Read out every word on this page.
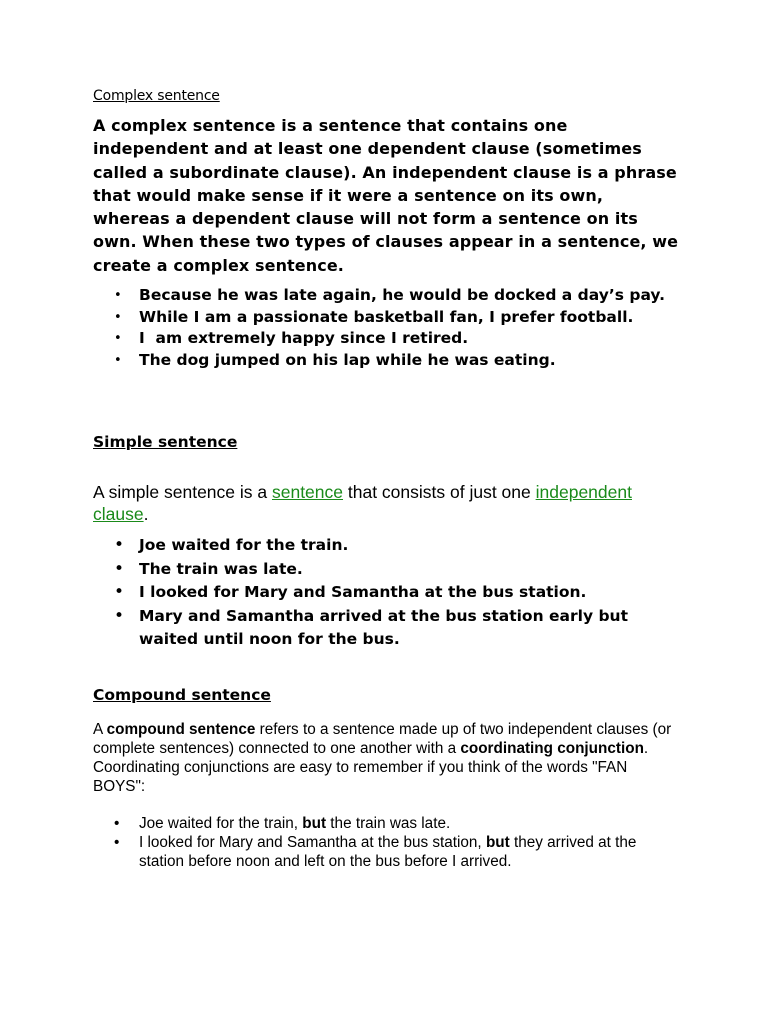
Complex sentence

A complex sentence is a sentence that contains one independent and at least one dependent clause (sometimes called a subordinate clause). An independent clause is a phrase that would make sense if it were a sentence on its own, whereas a dependent clause will not form a sentence on its own. When these two types of clauses appear in a sentence, we create a complex sentence.

• Because he was late again, he would be docked a day’s pay.
• While I am a passionate basketball fan, I prefer football.
• I  am extremely happy since I retired.
• The dog jumped on his lap while he was eating.
Simple sentence

A simple sentence is a sentence that consists of just one independent clause.

• Joe waited for the train.
• The train was late.
• I looked for Mary and Samantha at the bus station.
• Mary and Samantha arrived at the bus station early but waited until noon for the bus.
Compound sentence

A compound sentence refers to a sentence made up of two independent clauses (or complete sentences) connected to one another with a coordinating conjunction. Coordinating conjunctions are easy to remember if you think of the words "FAN BOYS":

• Joe waited for the train, but the train was late.
• I looked for Mary and Samantha at the bus station, but they arrived at the station before noon and left on the bus before I arrived.
